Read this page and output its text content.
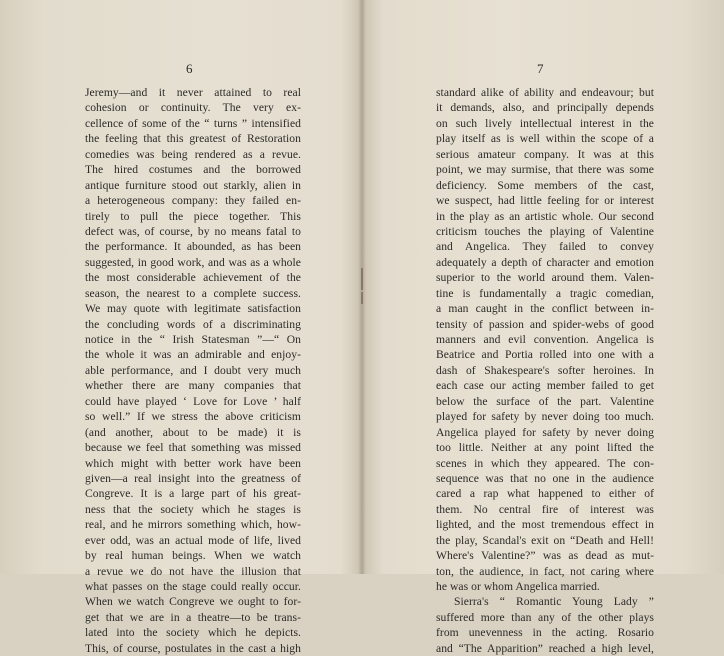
6
Jeremy—and it never attained to real
cohesion or continuity. The very ex-
cellence of some of the “ turns ” intensified
the feeling that this greatest of Restoration
comedies was being rendered as a revue.
The hired costumes and the borrowed
antique furniture stood out starkly, alien in
a heterogeneous company: they failed en-
tirely to pull the piece together. This
defect was, of course, by no means fatal to
the performance. It abounded, as has been
suggested, in good work, and was as a whole
the most considerable achievement of the
season, the nearest to a complete success.
We may quote with legitimate satisfaction
the concluding words of a discriminating
notice in the “ Irish Statesman ”—“ On
the whole it was an admirable and enjoy-
able performance, and I doubt very much
whether there are many companies that
could have played ‘ Love for Love ’ half
so well.” If we stress the above criticism
(and another, about to be made) it is
because we feel that something was missed
which might with better work have been
given—a real insight into the greatness of
Congreve. It is a large part of his great-
ness that the society which he stages is
real, and he mirrors something which, how-
ever odd, was an actual mode of life, lived
by real human beings. When we watch
a revue we do not have the illusion that
what passes on the stage could really occur.
When we watch Congreve we ought to for-
get that we are in a theatre—to be trans-
lated into the society which he depicts.
This, of course, postulates in the cast a high
7
standard alike of ability and endeavour; but
it demands, also, and principally depends
on such lively intellectual interest in the
play itself as is well within the scope of a
serious amateur company. It was at this
point, we may surmise, that there was some
deficiency. Some members of the cast,
we suspect, had little feeling for or interest
in the play as an artistic whole. Our second
criticism touches the playing of Valentine
and Angelica. They failed to convey
adequately a depth of character and emotion
superior to the world around them. Valen-
tine is fundamentally a tragic comedian,
a man caught in the conflict between in-
tensity of passion and spider-webs of good
manners and evil convention. Angelica is
Beatrice and Portia rolled into one with a
dash of Shakespeare's softer heroines. In
each case our acting member failed to get
below the surface of the part. Valentine
played for safety by never doing too much.
Angelica played for safety by never doing
too little. Neither at any point lifted the
scenes in which they appeared. The con-
sequence was that no one in the audience
cared a rap what happened to either of
them. No central fire of interest was
lighted, and the most tremendous effect in
the play, Scandal's exit on “Death and Hell!
Where's Valentine?” was as dead as mut-
ton, the audience, in fact, not caring where
he was or whom Angelica married.
Sierra's “ Romantic Young Lady ”
suffered more than any of the other plays
from unevenness in the acting. Rosario
and “The Apparition” reached a high level,
